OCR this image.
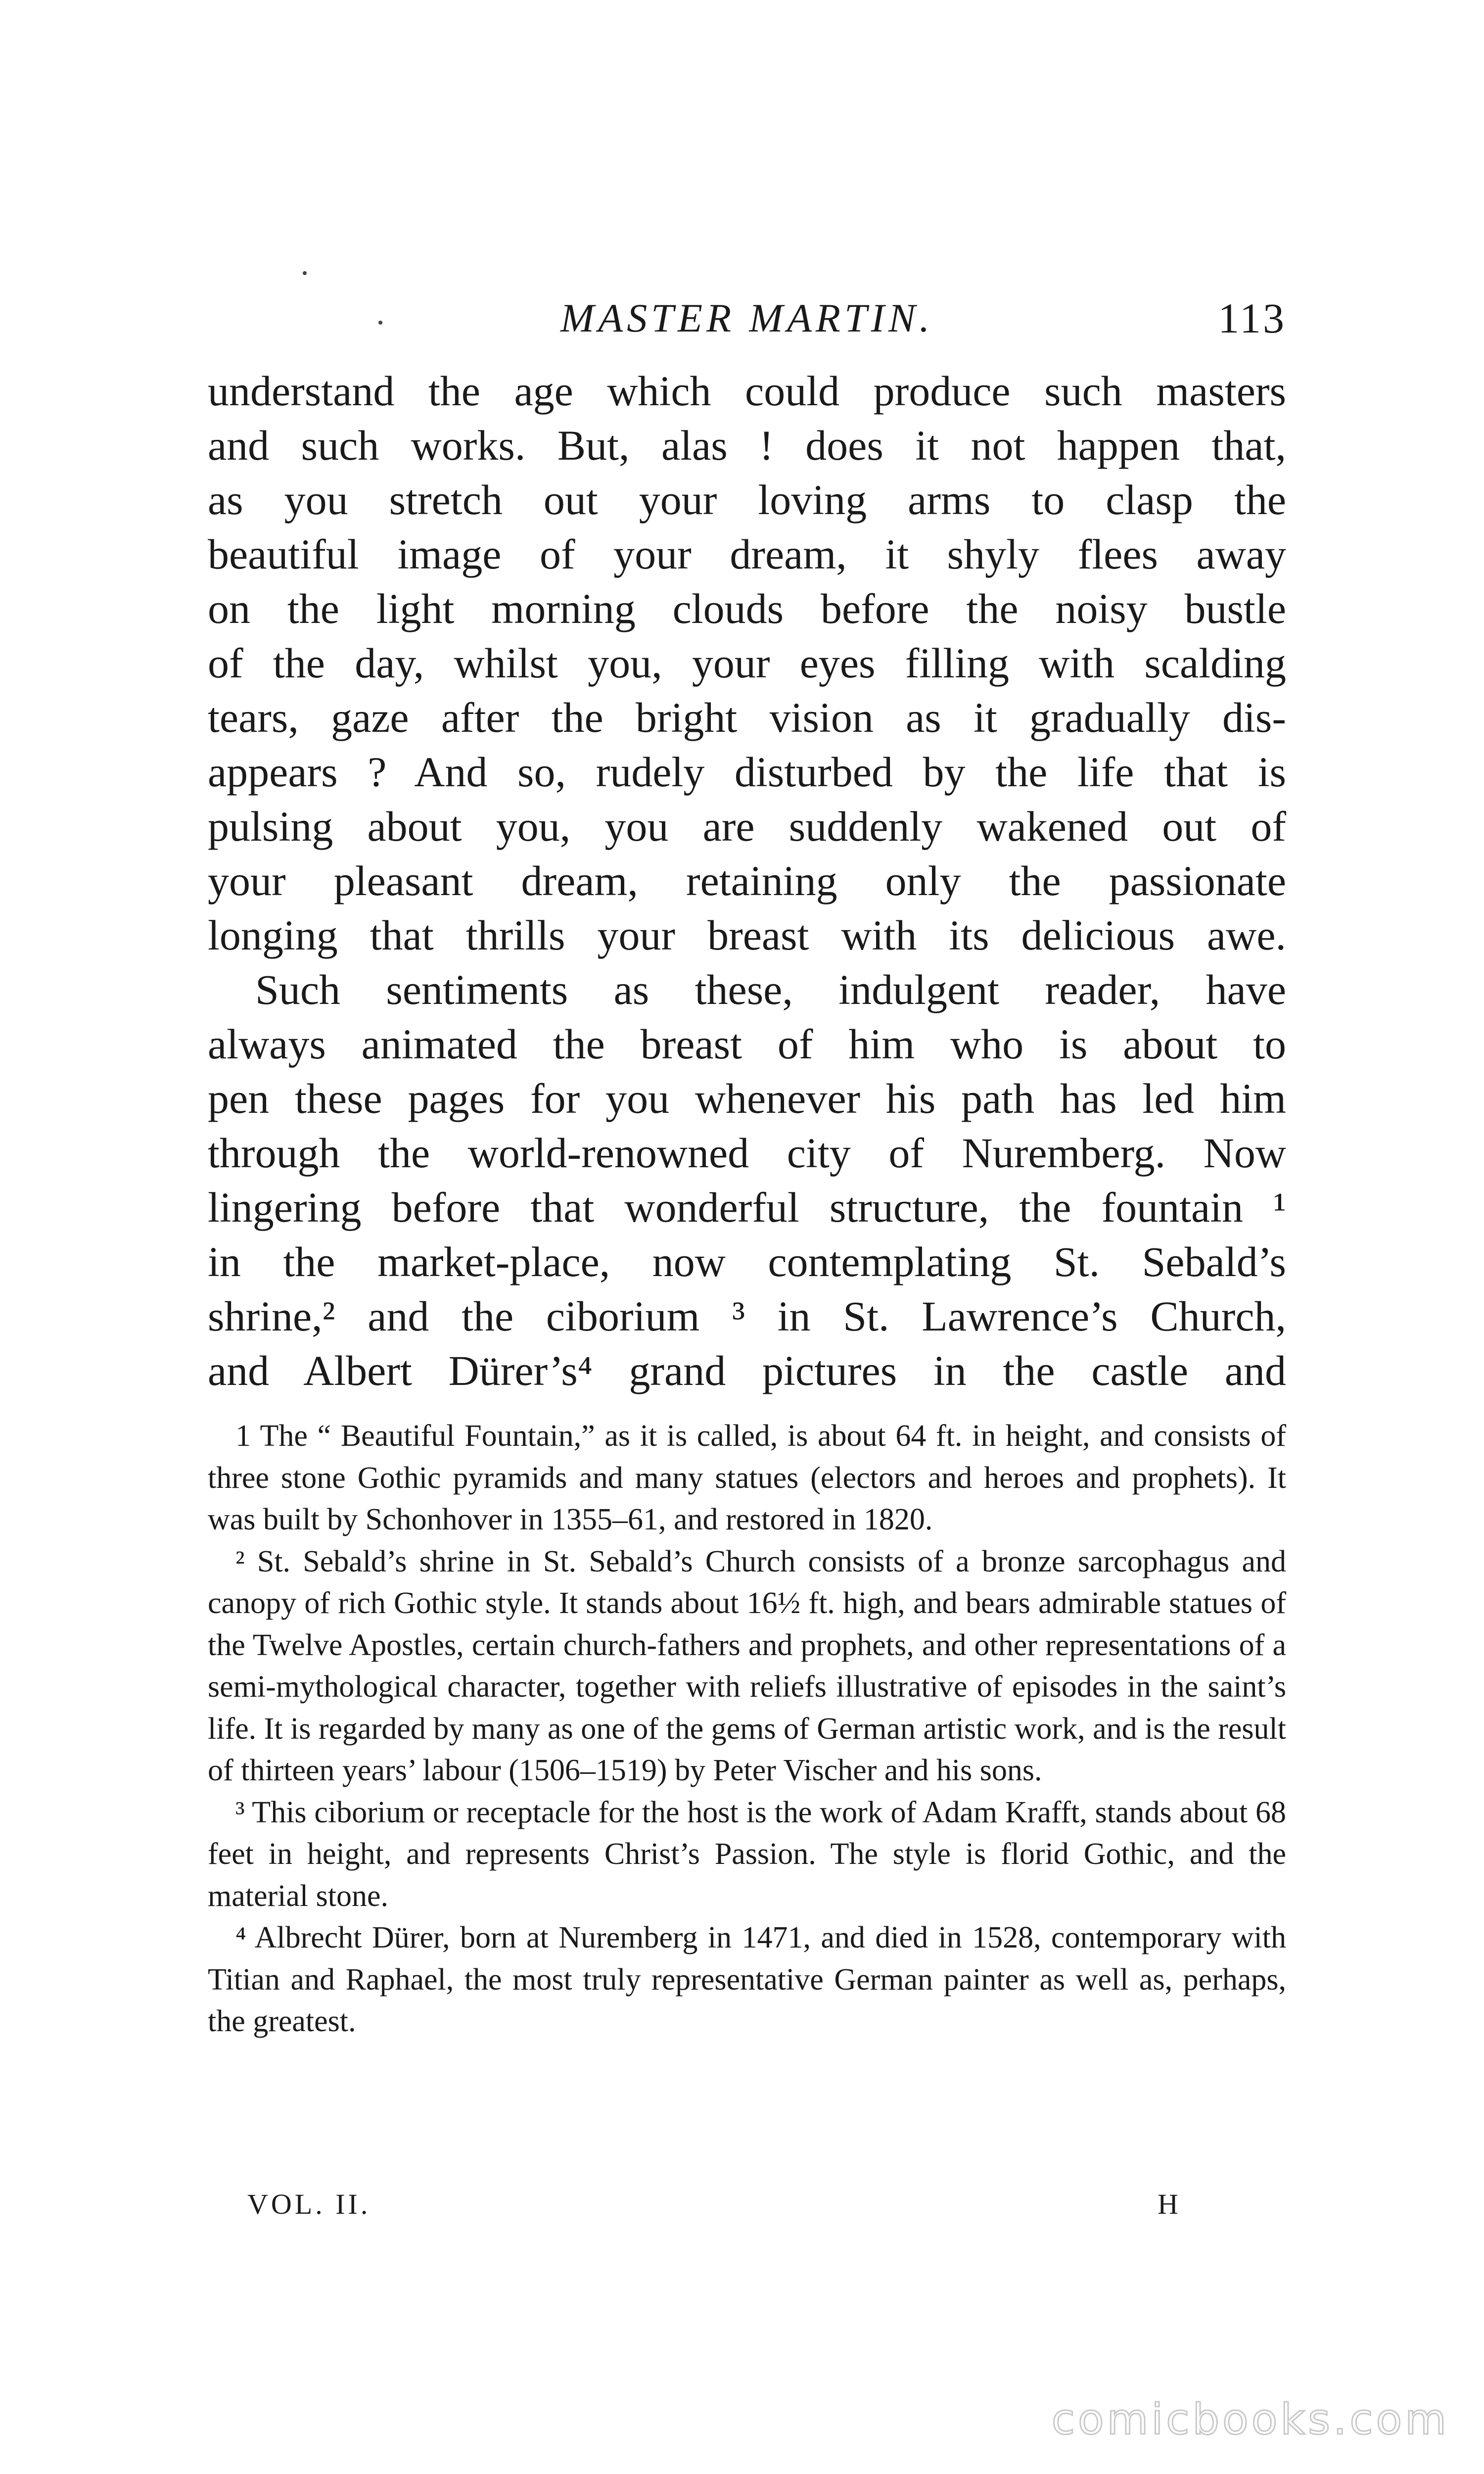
MASTER MARTIN.	113

understand the age which could produce such masters

and such works. But, alas ! does it not happen that,

as you stretch out your loving arms to clasp the

beautiful image of your dream, it shyly flees away

on the light morning clouds before the noisy bustle

of the day, whilst you, your eyes filling with scalding

tears, gaze after the bright vision as it gradually dis-

appears ? And so, rudely disturbed by the life that is

pulsing about you, you are suddenly wakened out of

your pleasant dream, retaining only the passionate

longing that thrills your breast with its delicious awe.

Such sentiments as these, indulgent reader, have

always animated the breast of him who is about to

pen these pages for you whenever his path has led him

through the world-renowned city of Nuremberg. Now

lingering before that wonderful structure, the fountain ¹

in the market-place, now contemplating St. Sebald’s

shrine,² and the ciborium ³ in St. Lawrence’s Church,

and Albert Dürer’s⁴ grand pictures in the castle and

1 The “ Beautiful Fountain,” as it is called, is about 64 ft. in height, and consists of three stone Gothic pyramids and many statues (electors and heroes and prophets). It was built by Schonhover in 1355–61, and restored in 1820.

² St. Sebald’s shrine in St. Sebald’s Church consists of a bronze sarcophagus and canopy of rich Gothic style. It stands about 16½ ft. high, and bears admirable statues of the Twelve Apostles, certain church-fathers and prophets, and other representations of a semi-mythological character, together with reliefs illustrative of episodes in the saint’s life. It is regarded by many as one of the gems of German artistic work, and is the result of thirteen years’ labour (1506–1519) by Peter Vischer and his sons.

³ This ciborium or receptacle for the host is the work of Adam Krafft, stands about 68 feet in height, and represents Christ’s Passion. The style is florid Gothic, and the material stone.

⁴ Albrecht Dürer, born at Nuremberg in 1471, and died in 1528, contemporary with Titian and Raphael, the most truly representative German painter as well as, perhaps, the greatest.

VOL. II.	H
comicbooks.com
